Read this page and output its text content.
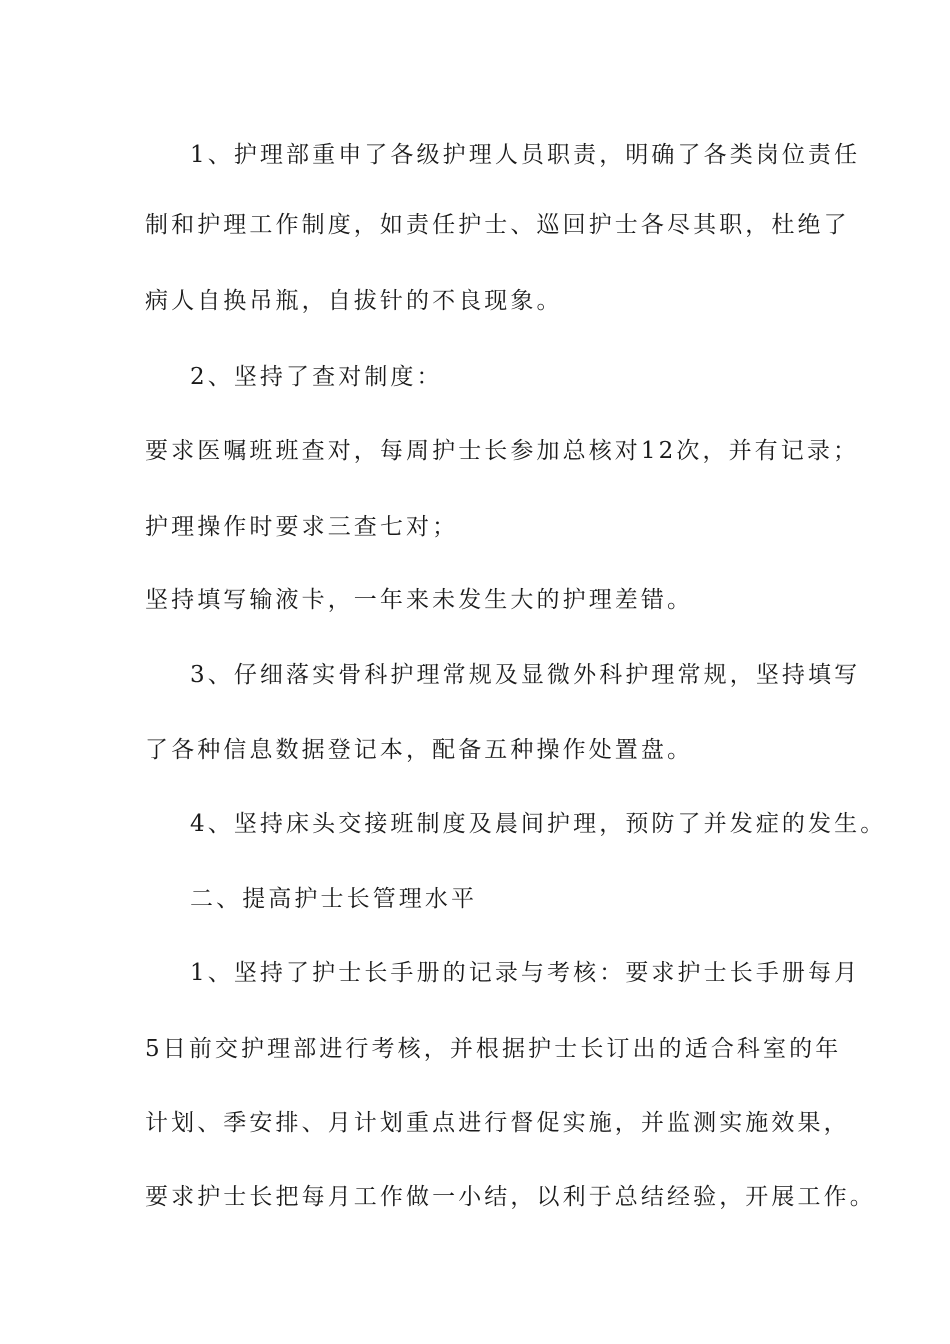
1、护理部重申了各级护理人员职责，明确了各类岗位责任
制和护理工作制度，如责任护士、巡回护士各尽其职，杜绝了
病人自换吊瓶，自拔针的不良现象。
2、坚持了查对制度：
要求医嘱班班查对，每周护士长参加总核对12次，并有记录；
护理操作时要求三查七对；
坚持填写输液卡，一年来未发生大的护理差错。
3、仔细落实骨科护理常规及显微外科护理常规，坚持填写
了各种信息数据登记本，配备五种操作处置盘。
4、坚持床头交接班制度及晨间护理，预防了并发症的发生。
二、提高护士长管理水平
1、坚持了护士长手册的记录与考核：要求护士长手册每月
5日前交护理部进行考核，并根据护士长订出的适合科室的年
计划、季安排、月计划重点进行督促实施，并监测实施效果，
要求护士长把每月工作做一小结，以利于总结经验，开展工作。
